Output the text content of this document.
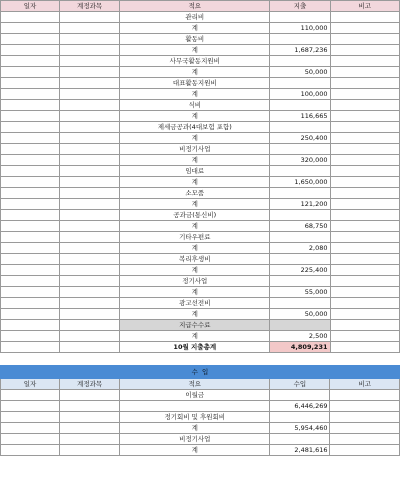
일자	계정과목	적요	지출	비고
		관리비		
		계	110,000	
		활동비		
		계	1,687,236	
		사무국활동지원비		
		계	50,000	
		대표활동지원비		
		계	100,000	
		식비		
		계	116,665	
		제세금공과(4대보험 포함)		
		계	250,400	
		비정기사업		
		계	320,000	
		임대료		
		계	1,650,000	
		소모품		
		계	121,200	
		공과금(통신비)		
		계	68,750	
		기타우편료		
		계	2,080	
		복리후생비		
		계	225,400	
		정기사업		
		계	55,000	
		광고선전비		
		계	50,000	
		지급수수료		
		계	2,500	
		10월 지출총계	4,809,231	

수  입				
일자	계정과목	적요	수입	비고
		이월금		
			6,446,269	
		정기회비 및 후원회비		
		계	5,954,460	
		비정기사업		
		계	2,481,616	
